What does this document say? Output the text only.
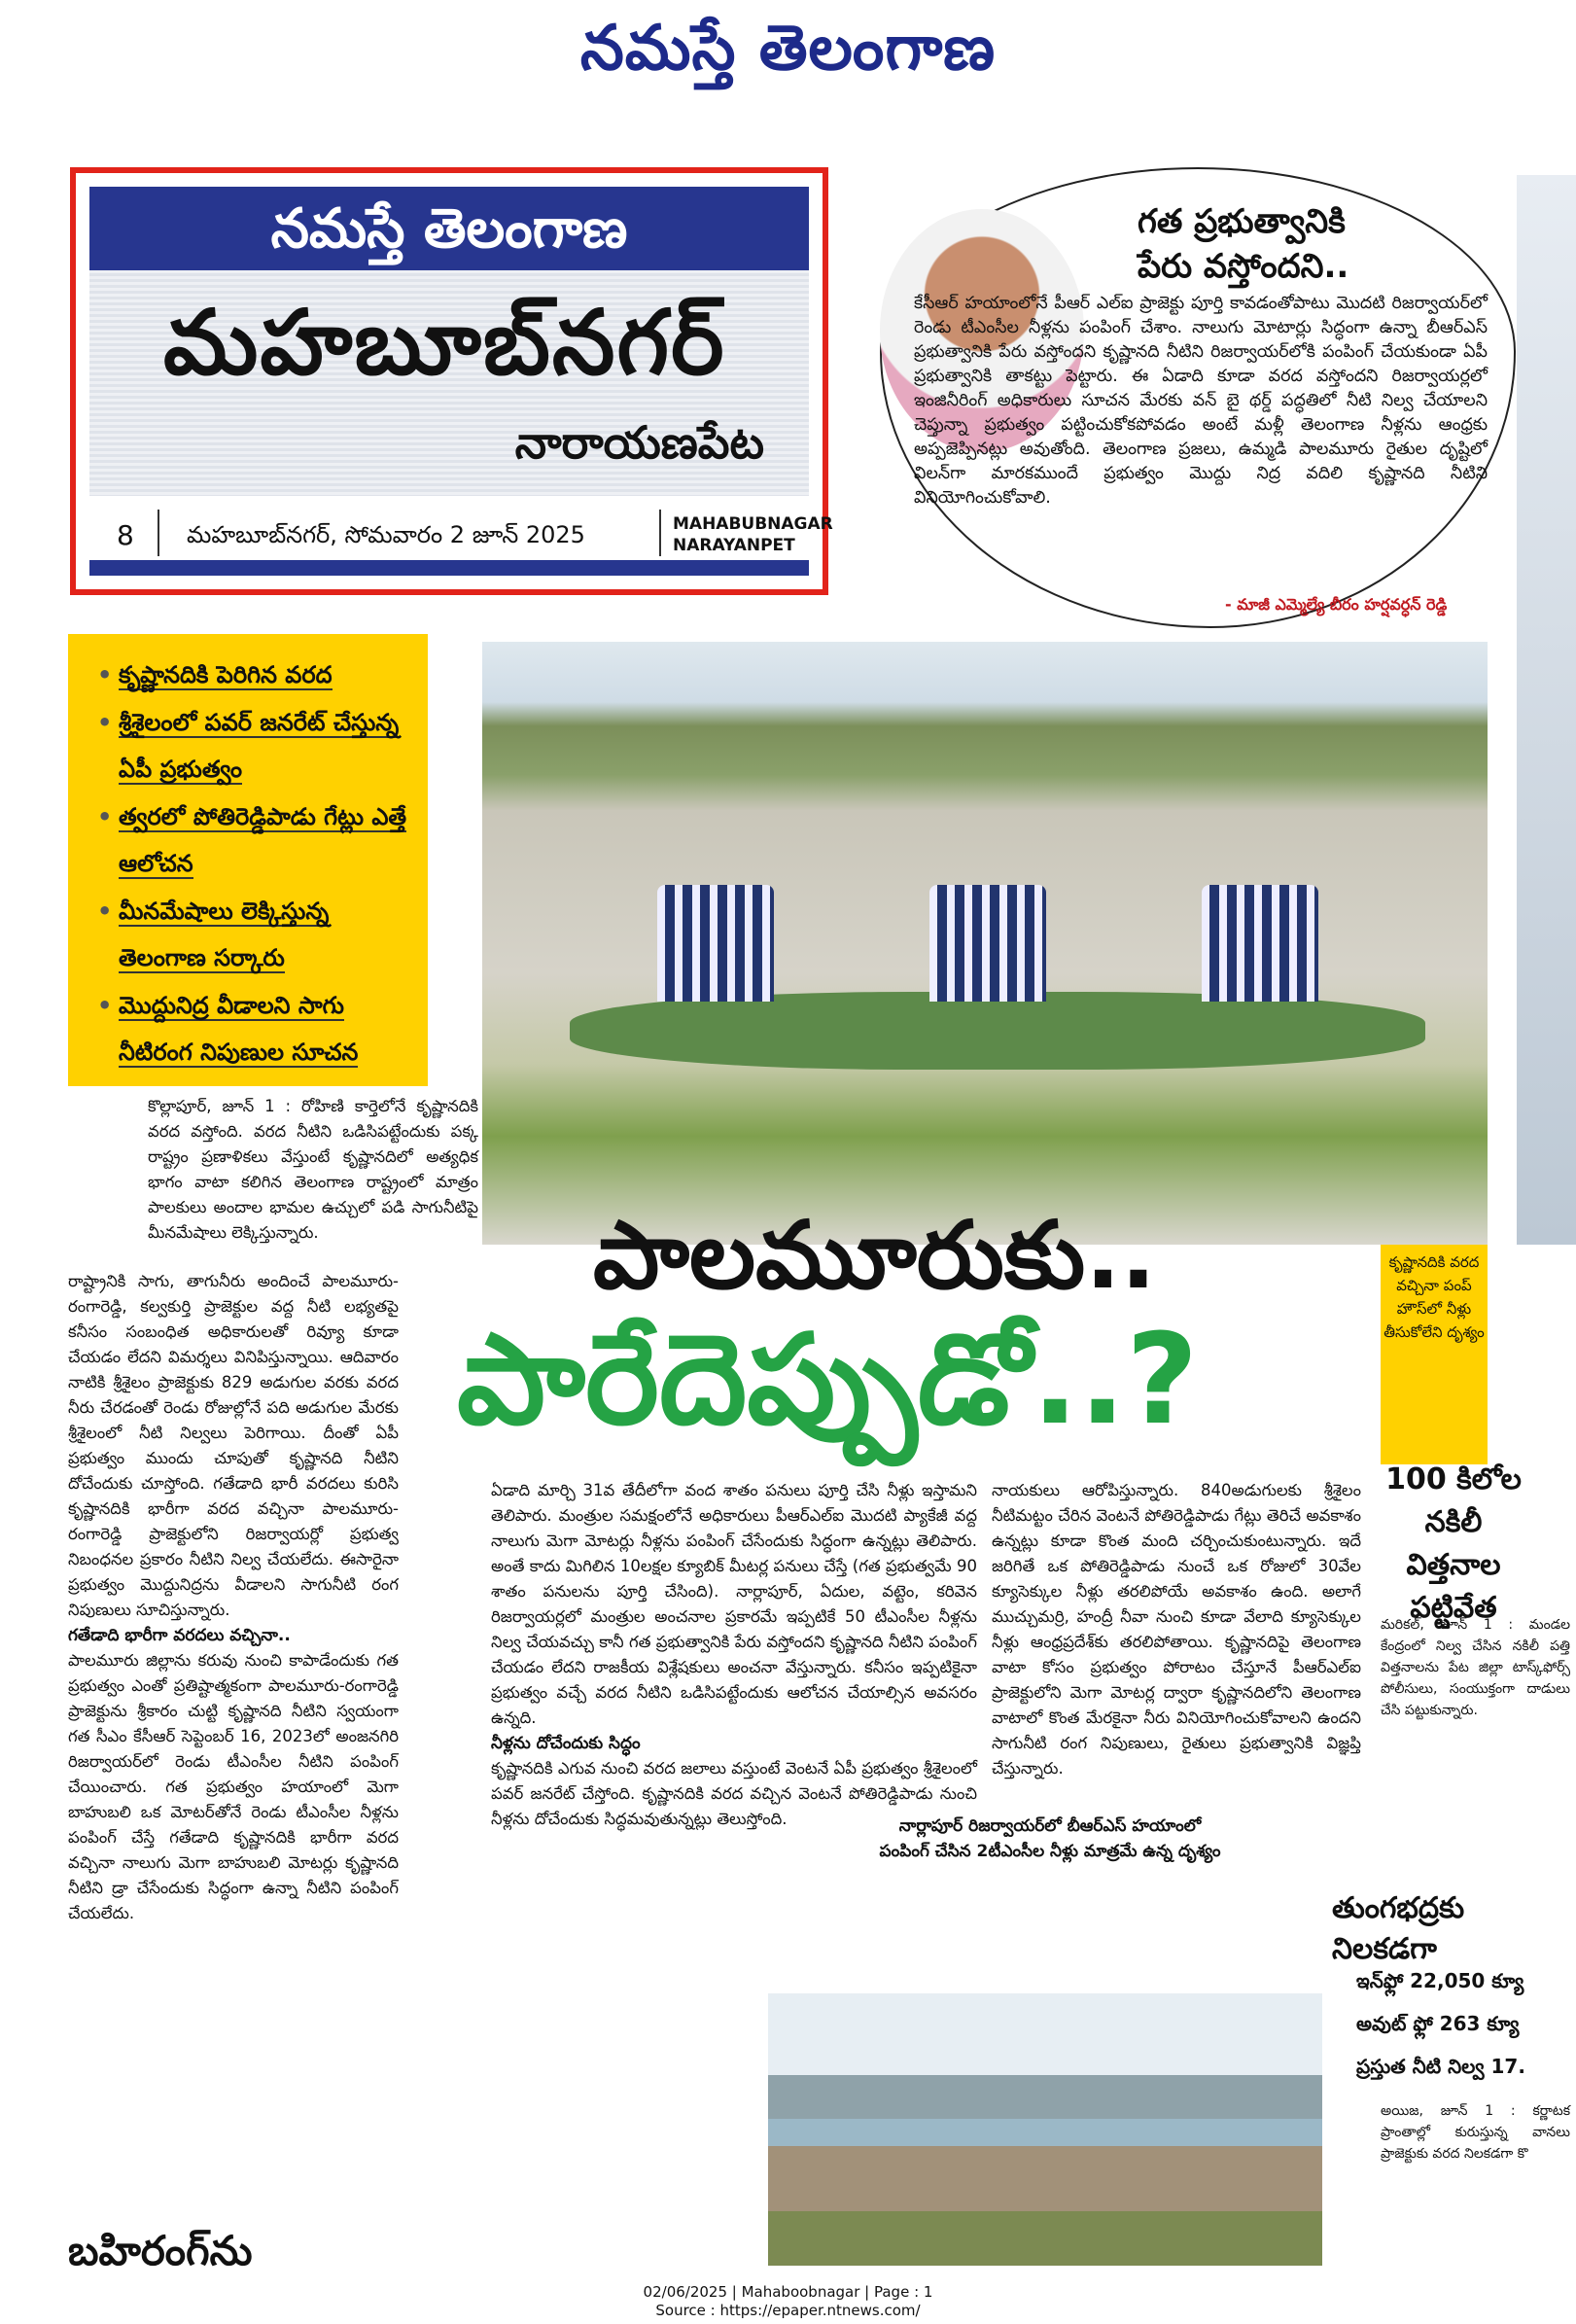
నమస్తే తెలంగాణ
నమస్తే తెలంగాణ
మహబూబ్‌నగర్
నారాయణపేట
8 మహబూబ్‌నగర్, సోమవారం 2 జూన్ 2025	MAHABUBNAGAR
NARAYANPET
గత ప్రభుత్వానికి
పేరు వస్తోందని..
కేసీఆర్ హయాంలోనే పీఆర్ ఎల్ఐ ప్రాజెక్టు పూర్తి కావడంతోపాటు మొదటి రిజర్వాయర్‌లో రెండు టీఎంసీల నీళ్లను పంపింగ్ చేశాం. నాలుగు మోటార్లు సిద్ధంగా ఉన్నా బీఆర్ఎస్ ప్రభుత్వానికి పేరు వస్తోందని కృష్ణానది నీటిని రిజర్వాయర్‌లోకి పంపింగ్ చేయకుండా ఏపీ ప్రభుత్వానికి తాకట్టు పెట్టారు. ఈ ఏడాది కూడా వరద వస్తోందని రిజర్వాయర్లలో ఇంజినీరింగ్ అధికారులు సూచన మేరకు వన్ బై థర్డ్ పద్ధతిలో నీటి నిల్వ చేయాలని చెప్తున్నా ప్రభుత్వం పట్టించుకోకపోవడం అంటే మళ్లీ తెలంగాణ నీళ్లను ఆంధ్రకు అప్పజెప్పినట్లు అవుతోంది. తెలంగాణ ప్రజలు, ఉమ్మడి పాలమూరు రైతుల దృష్టిలో విలన్‌గా మారకముందే ప్రభుత్వం మొద్దు నిద్ర వదిలి కృష్ణానది నీటిని వినియోగించుకోవాలి.
- మాజీ ఎమ్మెల్యే బీరం హర్షవర్ధన్ రెడ్డి
• కృష్ణానదికి పెరిగిన వరద
• శ్రీశైలంలో పవర్ జనరేట్ చేస్తున్న ఏపీ ప్రభుత్వం
• త్వరలో పోతిరెడ్డిపాడు గేట్లు ఎత్తే ఆలోచన
• మీనమేషాలు లెక్కిస్తున్న తెలంగాణ సర్కారు
• మొద్దునిద్ర వీడాలని సాగు నీటిరంగ నిపుణుల సూచన
కృష్ణానదికి వరద వచ్చినా పంప్ హౌస్‌లో నీళ్లు తీసుకోలేని దృశ్యం
పాలమూరుకు..
పారేదెప్పుడో..?
కొల్లాపూర్, జూన్ 1 : రోహిణి కార్తెలోనే కృష్ణానదికి వరద వస్తోంది. వరద నీటిని ఒడిసిపట్టేందుకు పక్క రాష్ట్రం ప్రణాళికలు వేస్తుంటే కృష్ణానదిలో అత్యధిక భాగం వాటా కలిగిన తెలంగాణ రాష్ట్రంలో మాత్రం పాలకులు అందాల భామల ఉచ్చులో పడి సాగునీటిపై మీనమేషాలు లెక్కిస్తున్నారు.

రాష్ట్రానికి సాగు, తాగునీరు అందించే పాలమూరు-రంగారెడ్డి, కల్వకుర్తి ప్రాజెక్టుల వద్ద నీటి లభ్యతపై కనీసం సంబంధిత అధికారులతో రివ్యూ కూడా చేయడం లేదని విమర్శలు వినిపిస్తున్నాయి. ఆదివారం నాటికి శ్రీశైలం ప్రాజెక్టుకు 829 అడుగుల వరకు వరద నీరు చేరడంతో రెండు రోజుల్లోనే పది అడుగుల మేరకు శ్రీశైలంలో నీటి నిల్వలు పెరిగాయి. దీంతో ఏపీ ప్రభుత్వం ముందు చూపుతో కృష్ణానది నీటిని దోచేందుకు చూస్తోంది. గతేడాది భారీ వరదలు కురిసి కృష్ణానదికి భారీగా వరద వచ్చినా పాలమూరు-రంగారెడ్డి ప్రాజెక్టులోని రిజర్వాయర్లో ప్రభుత్వ నిబంధనల ప్రకారం నీటిని నిల్వ చేయలేదు. ఈసారైనా ప్రభుత్వం మొద్దునిద్రను వీడాలని సాగునీటి రంగ నిపుణులు సూచిస్తున్నారు.

గతేడాది భారీగా వరదలు వచ్చినా..

పాలమూరు జిల్లాను కరువు నుంచి కాపాడేందుకు గత ప్రభుత్వం ఎంతో ప్రతిష్టాత్మకంగా పాలమూరు-రంగారెడ్డి ప్రాజెక్టును శ్రీకారం చుట్టి కృష్ణానది నీటిని స్వయంగా గత సీఎం కేసీఆర్ సెప్టెంబర్ 16, 2023లో అంజనగిరి రిజర్వాయర్‌లో రెండు టీఎంసీల నీటిని పంపింగ్ చేయించారు. గత ప్రభుత్వం హయాంలో మెగా బాహుబలి ఒక మోటర్‌తోనే రెండు టీఎంసీల నీళ్లను పంపింగ్ చేస్తే గతేడాది కృష్ణానదికి భారీగా వరద వచ్చినా నాలుగు మెగా బాహుబలి మోటర్లు కృష్ణానది నీటిని డ్రా చేసేందుకు సిద్ధంగా ఉన్నా నీటిని పంపింగ్ చేయలేదు.

ఏడాది మార్చి 31వ తేదీలోగా వంద శాతం పనులు పూర్తి చేసి నీళ్లు ఇస్తామని తెలిపారు. మంత్రుల సమక్షంలోనే అధికారులు పీఆర్ఎల్ఐ మొదటి ప్యాకేజీ వద్ద నాలుగు మెగా మోటర్లు నీళ్లను పంపింగ్ చేసేందుకు సిద్ధంగా ఉన్నట్లు తెలిపారు. అంతే కాదు మిగిలిన 10లక్షల క్యూబిక్ మీటర్ల పనులు చేస్తే (గత ప్రభుత్వమే 90 శాతం పనులను పూర్తి చేసింది). నార్లాపూర్, ఏదుల, వట్టెం, కరివెన రిజర్వాయర్లలో మంత్రుల అంచనాల ప్రకారమే ఇప్పటికే 50 టీఎంసీల నీళ్లను నిల్వ చేయవచ్చు కానీ గత ప్రభుత్వానికి పేరు వస్తోందని కృష్ణానది నీటిని పంపింగ్ చేయడం లేదని రాజకీయ విశ్లేషకులు అంచనా వేస్తున్నారు. కనీసం ఇప్పటికైనా ప్రభుత్వం వచ్చే వరద నీటిని ఒడిసిపట్టేందుకు ఆలోచన చేయాల్సిన అవసరం ఉన్నది.

నీళ్లను దోచేందుకు సిద్ధం

కృష్ణానదికి ఎగువ నుంచి వరద జలాలు వస్తుంటే వెంటనే ఏపీ ప్రభుత్వం శ్రీశైలంలో పవర్ జనరేట్ చేస్తోంది. కృష్ణానదికి వరద వచ్చిన వెంటనే పోతిరెడ్డిపాడు నుంచి నీళ్లను దోచేందుకు సిద్ధమవుతున్నట్లు తెలుస్తోంది.

నాయకులు ఆరోపిస్తున్నారు. 840అడుగులకు శ్రీశైలం నీటిమట్టం చేరిన వెంటనే పోతిరెడ్డిపాడు గేట్లు తెరిచే అవకాశం ఉన్నట్లు కూడా కొంత మంది చర్చించుకుంటున్నారు. ఇదే జరిగితే ఒక పోతిరెడ్డిపాడు నుంచే ఒక రోజులో 30వేల క్యూసెక్కుల నీళ్లు తరలిపోయే అవకాశం ఉంది. అలాగే ముచ్చుమర్రి, హంద్రీ నీవా నుంచి కూడా వేలాది క్యూసెక్కుల నీళ్లు ఆంధ్రప్రదేశ్‌కు తరలిపోతాయి. కృష్ణానదిపై తెలంగాణ వాటా కోసం ప్రభుత్వం పోరాటం చేస్తూనే పీఆర్ఎల్ఐ ప్రాజెక్టులోని మెగా మోటర్ల ద్వారా కృష్ణానదిలోని తెలంగాణ వాటాలో కొంత మేరకైనా నీరు వినియోగించుకోవాలని ఉందని సాగునీటి రంగ నిపుణులు, రైతులు ప్రభుత్వానికి విజ్ఞప్తి చేస్తున్నారు.

నార్లాపూర్ రిజర్వాయర్‌లో బీఆర్ఎస్ హయాంలో పంపింగ్ చేసిన 2టీఎంసీల నీళ్లు మాత్రమే ఉన్న దృశ్యం
100 కిలోల నకిలీ విత్తనాల పట్టివేత
మరికల్, జూన్ 1 : మండల కేంద్రంలో నిల్వ చేసిన నకిలీ పత్తి విత్తనాలను పేట జిల్లా టాస్క్‌ఫోర్స్ పోలీసులు, సంయుక్తంగా దాడులు చేసి పట్టుకున్నారు.
తుంగభద్రకు నిలకడగా
ఇన్‌ఫ్లో 22,050 క్యూ
అవుట్ ఫ్లో 263 క్యూ
ప్రస్తుత నీటి నిల్వ 17.
అయిజ, జూన్ 1 : కర్ణాటక ప్రాంతాల్లో కురుస్తున్న వానలు ప్రాజెక్టుకు వరద నిలకడగా కొ
బహిరంగ్‌ను
02/06/2025 | Mahaboobnagar | Page : 1
Source : https://epaper.ntnews.com/
